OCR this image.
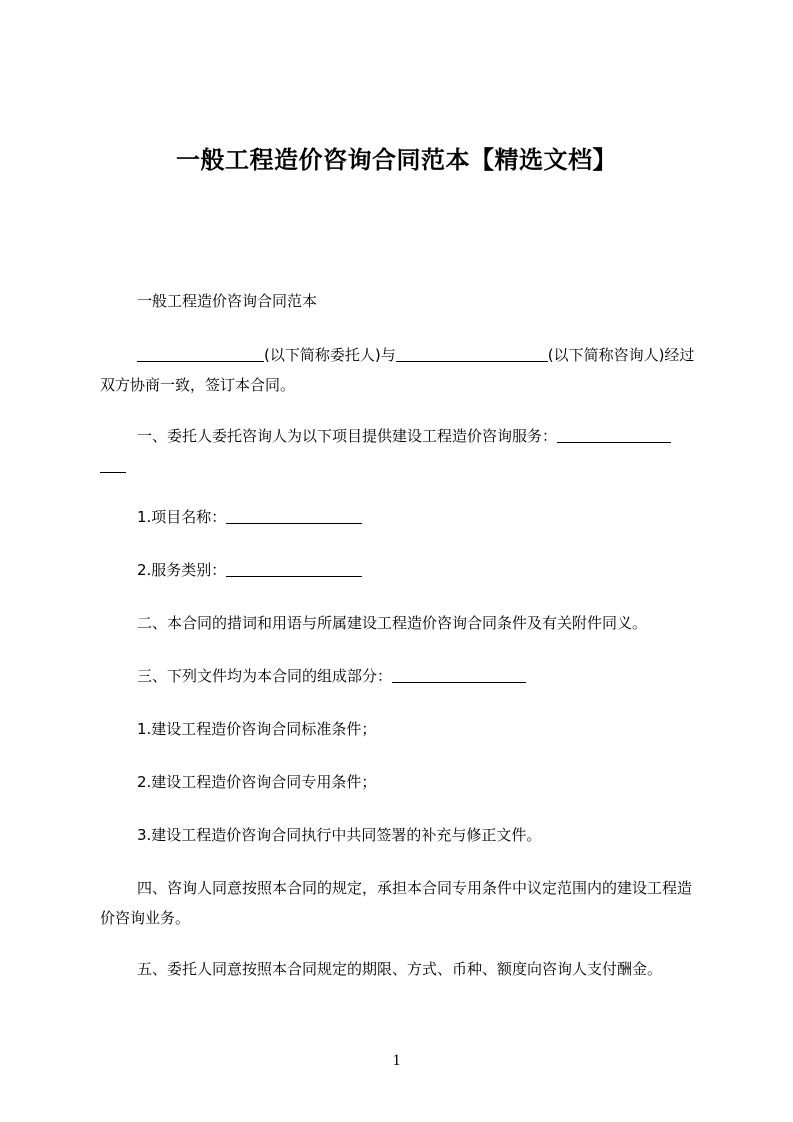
一般工程造价咨询合同范本【精选文档】

一般工程造价咨询合同范本

(以下简称委托人)与	(以下简称咨询人)经过双方协商一致，签订本合同。

一、委托人委托咨询人为以下项目提供建设工程造价咨询服务：

1.项目名称：

2.服务类别：

二、本合同的措词和用语与所属建设工程造价咨询合同条件及有关附件同义。

三、下列文件均为本合同的组成部分：

1.建设工程造价咨询合同标准条件；

2.建设工程造价咨询合同专用条件；

3.建设工程造价咨询合同执行中共同签署的补充与修正文件。

四、咨询人同意按照本合同的规定，承担本合同专用条件中议定范围内的建设工程造价咨询业务。

五、委托人同意按照本合同规定的期限、方式、币种、额度向咨询人支付酬金。

1
